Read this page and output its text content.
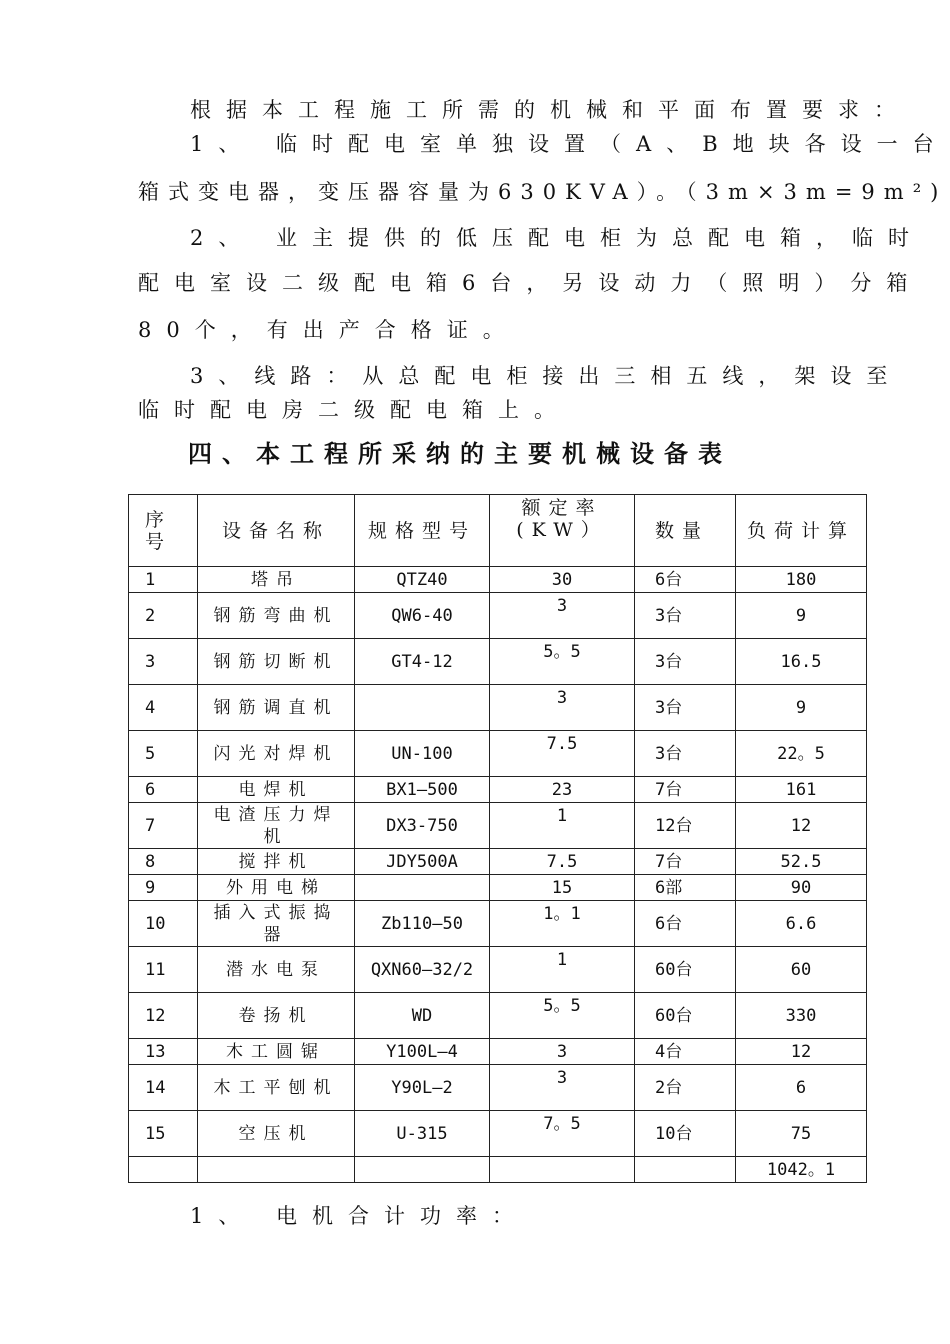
根据本工程施工所需的机械和平面布置要求：
1、 临时配电室单独设置（A、B地块各设一台
箱式变电器，变压器容量为630KVA）。（3m×3m=9m²)
2、 业主提供的低压配电柜为总配电箱，临时
配电室设二级配电箱6台，另设动力（照明）分箱
80个，有出产合格证。
3、线路：从总配电柜接出三相五线，架设至
临时配电房二级配电箱上。
四、本工程所采纳的主要机械设备表
序号	设备名称	规格型号	额定率(KW）	数量	负荷计算
1	塔吊	QTZ40	30	6台	180
2	钢筋弯曲机	QW6-40	3	3台	9
3	钢筋切断机	GT4-12	5。5	3台	16.5
4	钢筋调直机		3	3台	9
5	闪光对焊机	UN-100	7.5	3台	22。5
6	电焊机	BX1—500	23	7台	161
7	电渣压力焊机	DX3-750	1	12台	12
8	搅拌机	JDY500A	7.5	7台	52.5
9	外用电梯		15	6部	90
10	插入式振捣器	Zb110—50	1。1	6台	6.6
11	潜水电泵	QXN60—32/2	1	60台	60
12	卷扬机	WD	5。5	60台	330
13	木工圆锯	Y100L—4	3	4台	12
14	木工平刨机	Y90L—2	3	2台	6
15	空压机	U-315	7。5	10台	75
					1042。1
1、 电机合计功率：
